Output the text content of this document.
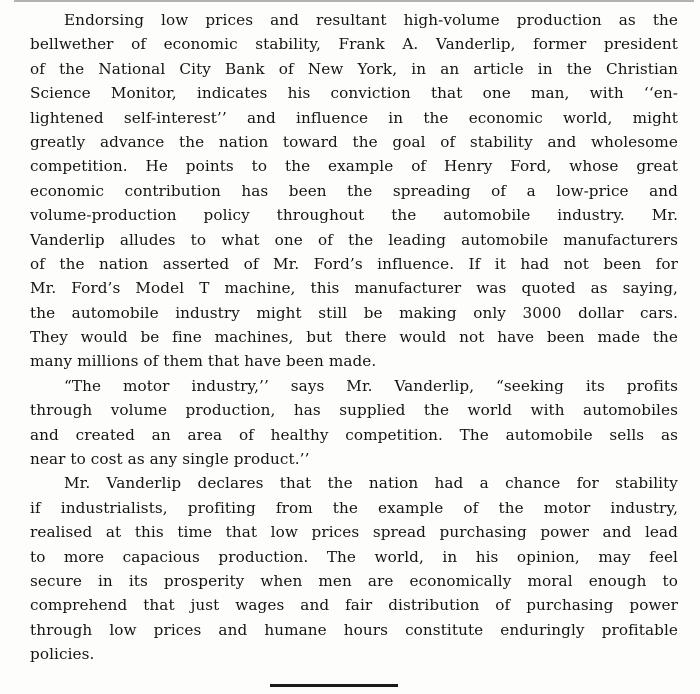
Endorsing low prices and resultant high-volume production as the
bellwether of economic stability, Frank A. Vanderlip, former president
of the National City Bank of New York, in an article in the Christian
Science Monitor, indicates his conviction that one man, with ‘‘en-
lightened self-interest’’ and influence in the economic world, might
greatly advance the nation toward the goal of stability and wholesome
competition. He points to the example of Henry Ford, whose great
economic contribution has been the spreading of a low-price and
volume-production policy throughout the automobile industry. Mr.
Vanderlip alludes to what one of the leading automobile manufacturers
of the nation asserted of Mr. Ford’s influence. If it had not been for
Mr. Ford’s Model T machine, this manufacturer was quoted as saying,
the automobile industry might still be making only 3000 dollar cars.
They would be fine machines, but there would not have been made the
many millions of them that have been made.

“The motor industry,’’ says Mr. Vanderlip, “seeking its profits
through volume production, has supplied the world with automobiles
and created an area of healthy competition. The automobile sells as
near to cost as any single product.’’

Mr. Vanderlip declares that the nation had a chance for stability
if industrialists, profiting from the example of the motor industry,
realised at this time that low prices spread purchasing power and lead
to more capacious production. The world, in his opinion, may feel
secure in its prosperity when men are economically moral enough to
comprehend that just wages and fair distribution of purchasing power
through low prices and humane hours constitute enduringly profitable
policies.
